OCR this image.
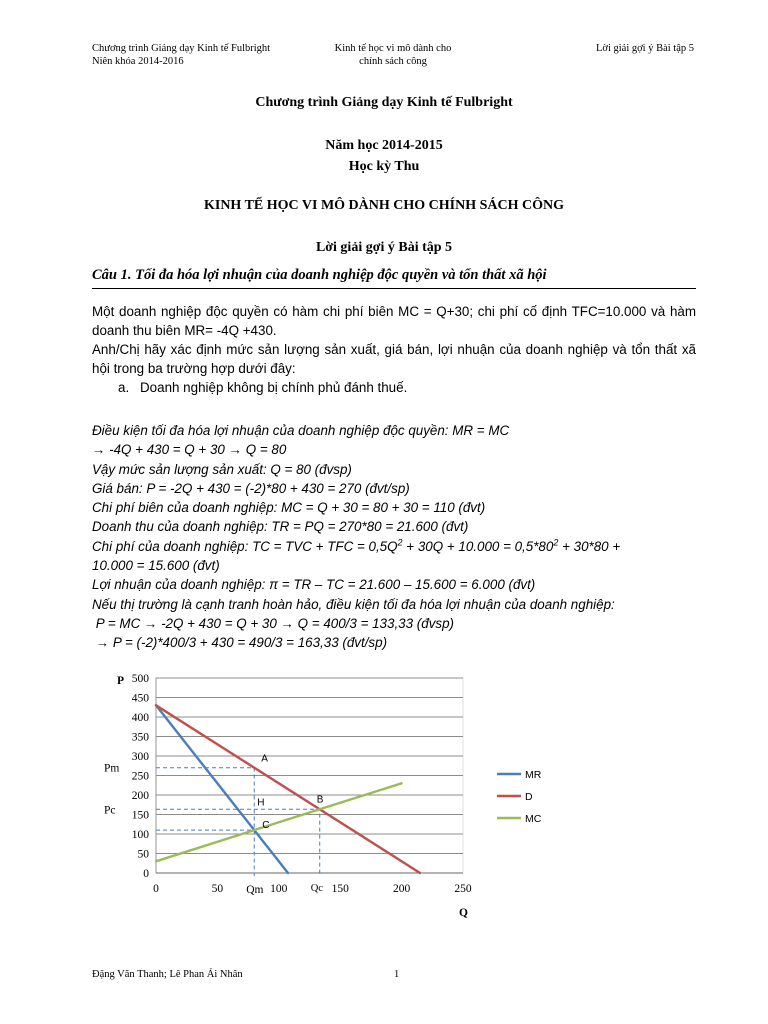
Chương trình Giảng dạy Kinh tế Fulbright
Niên khóa 2014-2016
Kinh tế học vi mô dành cho
chính sách công
Lời giải gợi ý Bài tập 5
Chương trình Giảng dạy Kinh tế Fulbright
Năm học 2014-2015
Học kỳ Thu
KINH TẾ HỌC VI MÔ DÀNH CHO CHÍNH SÁCH CÔNG
Lời giải gợi ý Bài tập 5
Câu 1. Tối đa hóa lợi nhuận của doanh nghiệp độc quyền và tổn thất xã hội

Một doanh nghiệp độc quyền có hàm chi phí biên MC = Q+30; chi phí cố định TFC=10.000 và hàm doanh thu biên MR= -4Q +430.

Anh/Chị hãy xác định mức sản lượng sản xuất, giá bán, lợi nhuận của doanh nghiệp và tổn thất xã hội trong ba trường hợp dưới đây:

a. Doanh nghiệp không bị chính phủ đánh thuế.

Điều kiện tối đa hóa lợi nhuận của doanh nghiệp độc quyền: MR = MC

→ -4Q + 430 = Q + 30 → Q = 80

Vậy mức sản lượng sản xuất: Q = 80 (đvsp)

Giá bán: P = -2Q + 430 = (-2)*80 + 430 = 270 (đvt/sp)

Chi phí biên của doanh nghiệp: MC = Q + 30 = 80 + 30 = 110 (đvt)

Doanh thu của doanh nghiệp: TR = PQ = 270*80 = 21.600 (đvt)

Chi phí của doanh nghiệp: TC = TVC + TFC = $0,5Q^2 + 30Q + 10.000 = 0,5*80^2 + 30*80$ +

10.000 = 15.600 (đvt)

Lợi nhuận của doanh nghiệp: π = TR – TC = 21.600 – 15.600 = 6.000 (đvt)

Nếu thị trường là cạnh tranh hoàn hảo, điều kiện tối đa hóa lợi nhuận của doanh nghiệp:

P = MC → -2Q + 430 = Q + 30 → Q = 400/3 = 133,33 (đvsp)

→ P = (-2)*400/3 + 430 = 490/3 = 163,33 (đvt/sp)

0
50
100
150
200
250
300
350
400
450
500
0	50	100	150	200	250
P
Q
A
B
C
H
Pm
Pc
Qm	Qc
MR
D
MC
Đặng Văn Thanh; Lê Phan Ái Nhân	1
